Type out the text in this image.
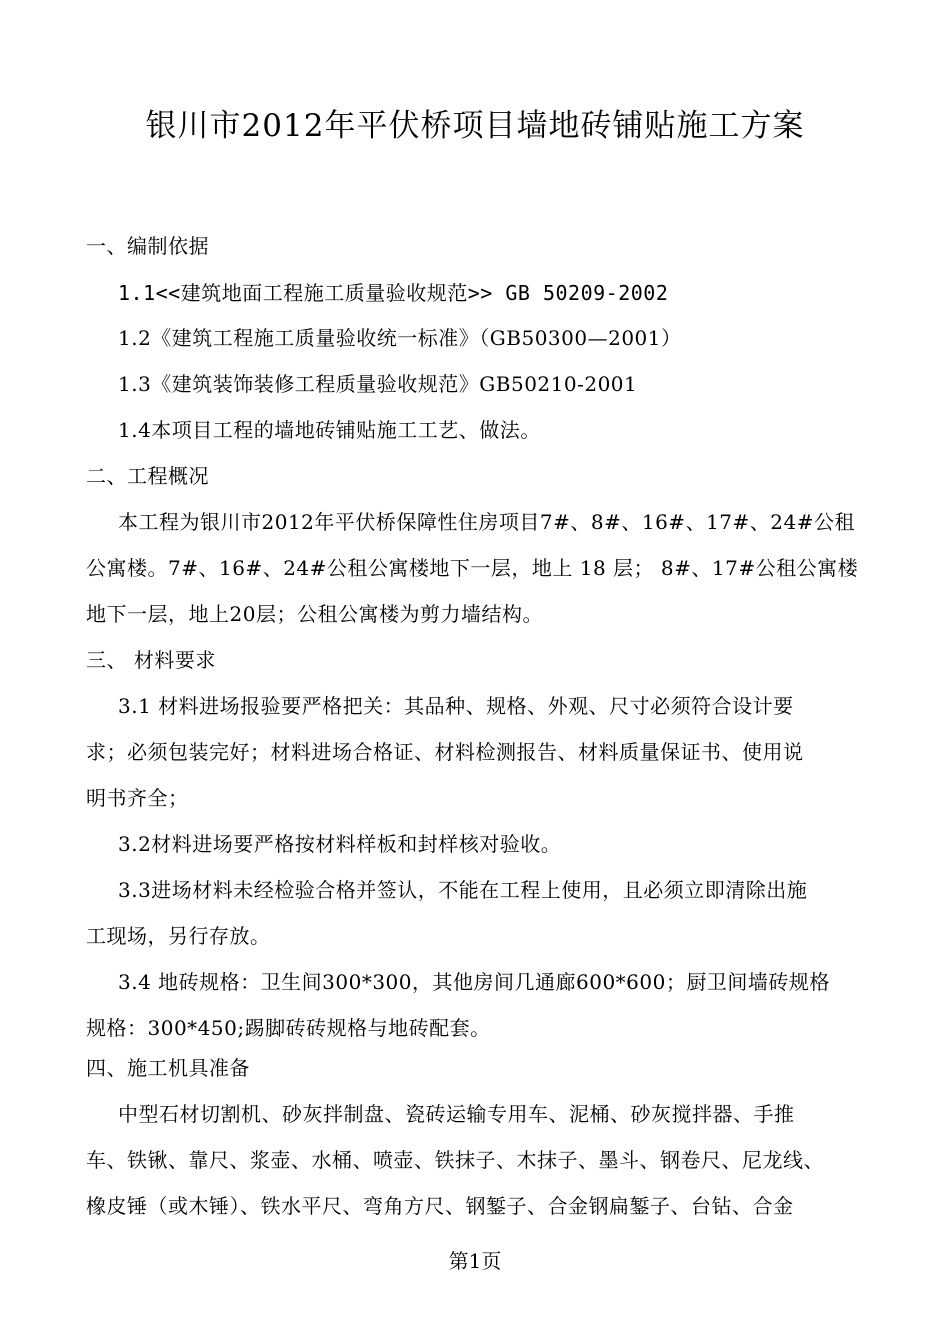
银川市2012年平伏桥项目墙地砖铺贴施工方案
一、编制依据
1.1<<建筑地面工程施工质量验收规范>> GB 50209-2002
1.2《建筑工程施工质量验收统一标准》（GB50300—2001）
1.3《建筑装饰装修工程质量验收规范》GB50210-2001
1.4本项目工程的墙地砖铺贴施工工艺、做法。
二、工程概况
本工程为银川市2012年平伏桥保障性住房项目7#、8#、16#、17#、24#公租
公寓楼。7#、16#、24#公租公寓楼地下一层，地上 18 层； 8#、17#公租公寓楼
地下一层，地上20层；公租公寓楼为剪力墙结构。
三、 材料要求
3.1 材料进场报验要严格把关：其品种、规格、外观、尺寸必须符合设计要
求；必须包装完好；材料进场合格证、材料检测报告、材料质量保证书、使用说
明书齐全；
3.2材料进场要严格按材料样板和封样核对验收。
3.3进场材料未经检验合格并签认，不能在工程上使用，且必须立即清除出施
工现场，另行存放。
3.4 地砖规格：卫生间300*300，其他房间几通廊600*600；厨卫间墙砖规格
规格：300*450;踢脚砖砖规格与地砖配套。
四、施工机具准备
中型石材切割机、砂灰拌制盘、瓷砖运输专用车、泥桶、砂灰搅拌器、手推
车、铁锹、靠尺、浆壶、水桶、喷壶、铁抹子、木抹子、墨斗、钢卷尺、尼龙线、
橡皮锤（或木锤）、铁水平尺、弯角方尺、钢錾子、合金钢扁錾子、台钻、合金
第1页
